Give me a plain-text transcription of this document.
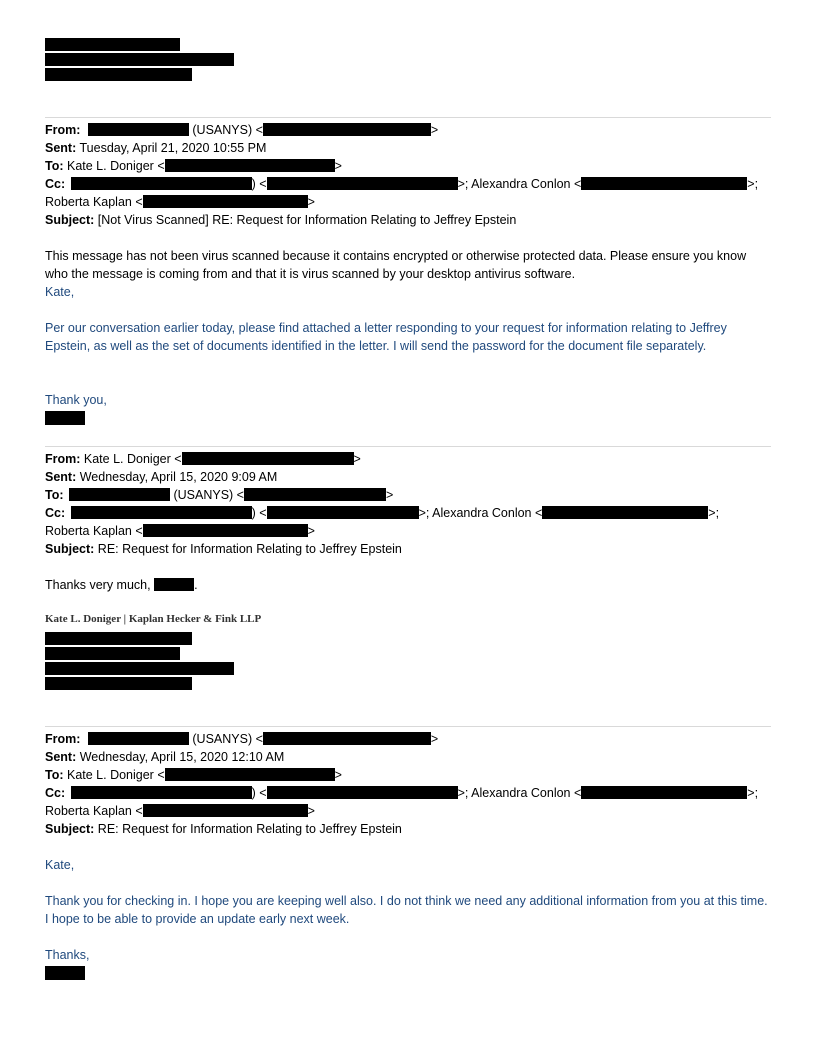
From:	(USANYS) <	>
Sent: Tuesday, April 21, 2020 10:55 PM
To: Kate L. Doniger <	>
Cc:	) <	>; Alexandra Conlon <	>;
Roberta Kaplan <	>
Subject: [Not Virus Scanned] RE: Request for Information Relating to Jeffrey Epstein
This message has not been virus scanned because it contains encrypted or otherwise protected data. Please ensure you know who the message is coming from and that it is virus scanned by your desktop antivirus software.
Kate,
Per our conversation earlier today, please find attached a letter responding to your request for information relating to Jeffrey Epstein, as well as the set of documents identified in the letter. I will send the password for the document file separately.
Thank you,
From: Kate L. Doniger <	>
Sent: Wednesday, April 15, 2020 9:09 AM
To:	(USANYS) <	>
Cc:	) <	>; Alexandra Conlon <	>;
Roberta Kaplan <	>
Subject: RE: Request for Information Relating to Jeffrey Epstein
Thanks very much,	.
Kate L. Doniger | Kaplan Hecker & Fink LLP
From:	(USANYS) <	>
Sent: Wednesday, April 15, 2020 12:10 AM
To: Kate L. Doniger <	>
Cc:	) <	>; Alexandra Conlon <	>;
Roberta Kaplan <	>
Subject: RE: Request for Information Relating to Jeffrey Epstein
Kate,
Thank you for checking in. I hope you are keeping well also. I do not think we need any additional information from you at this time. I hope to be able to provide an update early next week.
Thanks,
